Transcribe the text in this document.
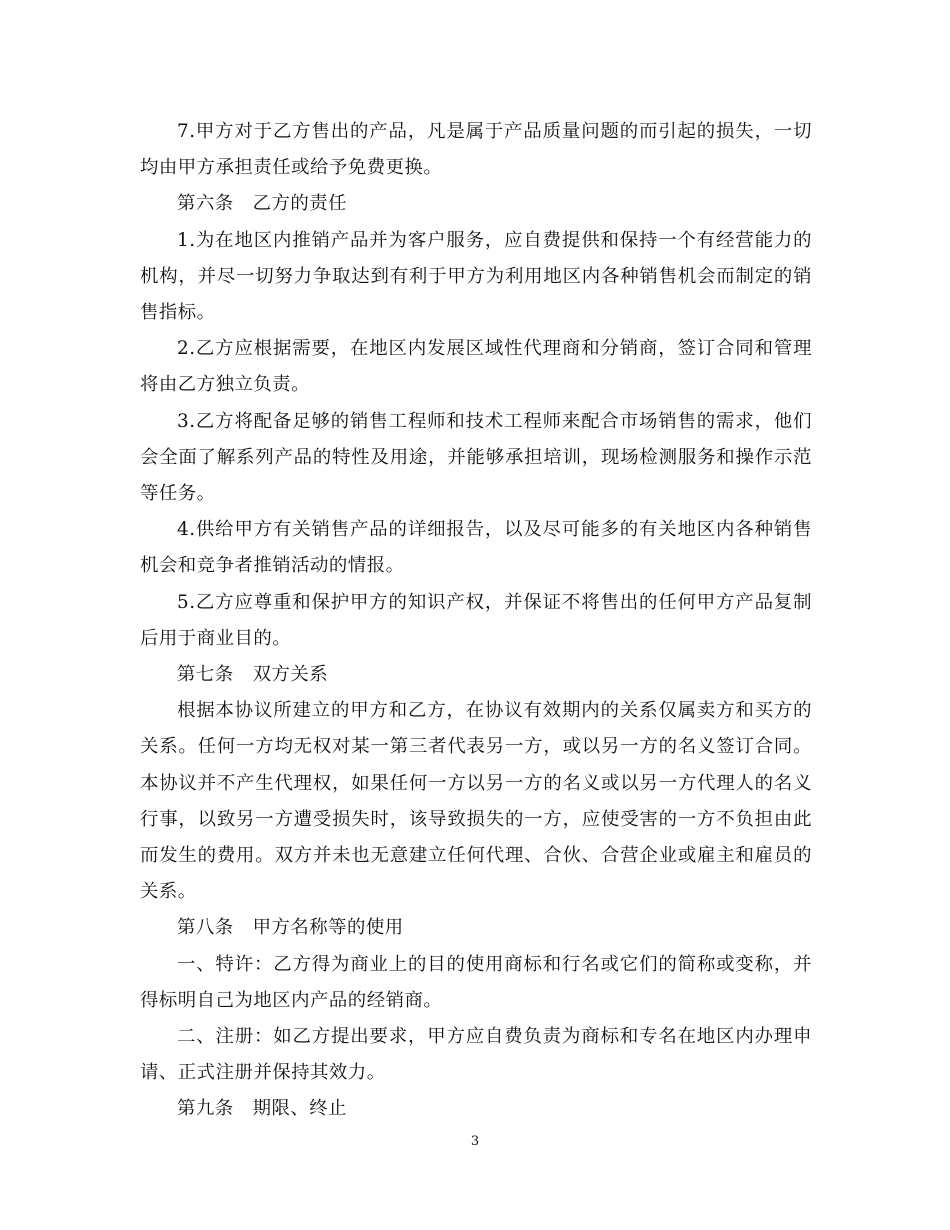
7.甲方对于乙方售出的产品，凡是属于产品质量问题的而引起的损失，一切均由甲方承担责任或给予免费更换。

第六条　乙方的责任

1.为在地区内推销产品并为客户服务，应自费提供和保持一个有经营能力的机构，并尽一切努力争取达到有利于甲方为利用地区内各种销售机会而制定的销售指标。

2.乙方应根据需要，在地区内发展区域性代理商和分销商，签订合同和管理将由乙方独立负责。

3.乙方将配备足够的销售工程师和技术工程师来配合市场销售的需求，他们会全面了解系列产品的特性及用途，并能够承担培训，现场检测服务和操作示范等任务。

4.供给甲方有关销售产品的详细报告，以及尽可能多的有关地区内各种销售机会和竞争者推销活动的情报。

5.乙方应尊重和保护甲方的知识产权，并保证不将售出的任何甲方产品复制后用于商业目的。

第七条　双方关系

根据本协议所建立的甲方和乙方，在协议有效期内的关系仅属卖方和买方的关系。任何一方均无权对某一第三者代表另一方，或以另一方的名义签订合同。本协议并不产生代理权，如果任何一方以另一方的名义或以另一方代理人的名义行事，以致另一方遭受损失时，该导致损失的一方，应使受害的一方不负担由此而发生的费用。双方并未也无意建立任何代理、合伙、合营企业或雇主和雇员的关系。

第八条　甲方名称等的使用

一、特许：乙方得为商业上的目的使用商标和行名或它们的简称或变称，并得标明自己为地区内产品的经销商。

二、注册：如乙方提出要求，甲方应自费负责为商标和专名在地区内办理申请、正式注册并保持其效力。

第九条　期限、终止

3
